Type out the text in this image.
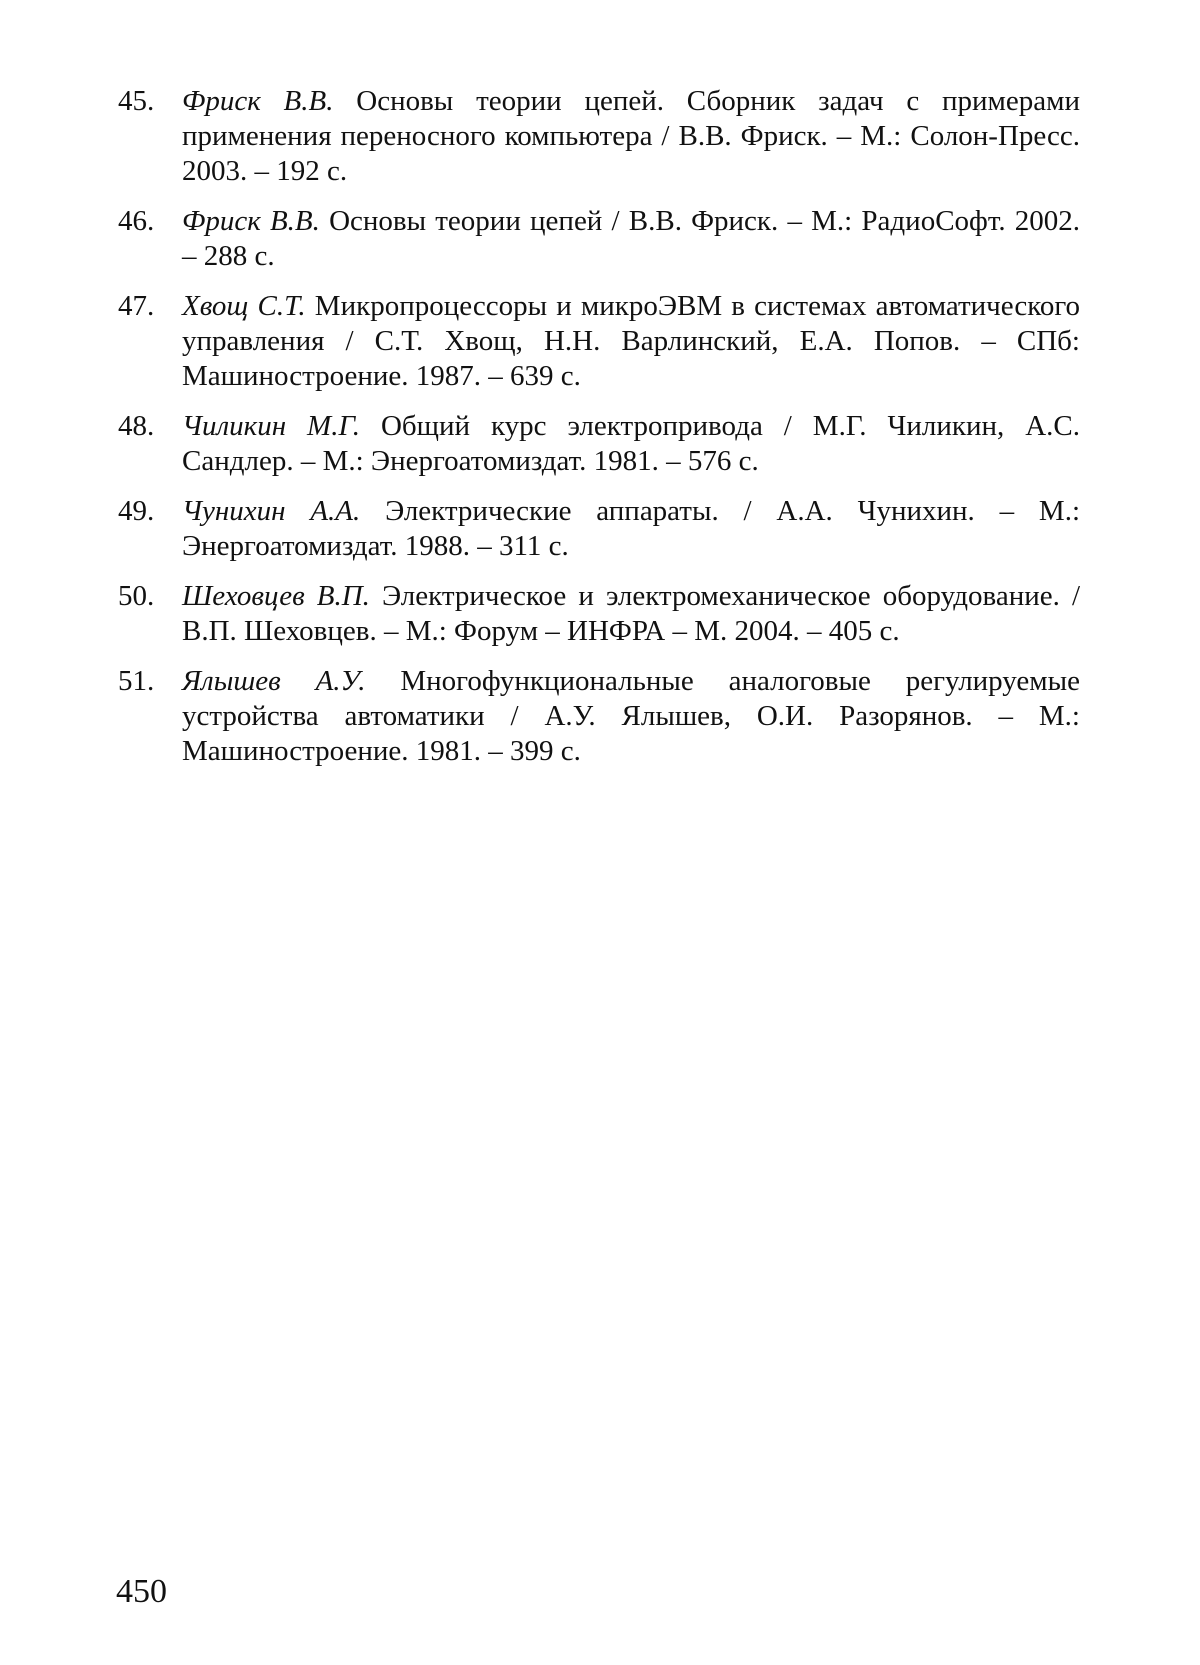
45. Фриск В.В. Основы теории цепей. Сборник задач с примерами применения переносного компьютера / В.В. Фриск. – М.: Солон-Пресс. 2003. – 192 с.
46. Фриск В.В. Основы теории цепей / В.В. Фриск. – М.: РадиоСофт. 2002. – 288 с.
47. Хвощ С.Т. Микропроцессоры и микроЭВМ в системах автоматического управления / С.Т. Хвощ, Н.Н. Варлинский, Е.А. Попов. – СПб: Машиностроение. 1987. – 639 с.
48. Чиликин М.Г. Общий курс электропривода / М.Г. Чиликин, А.С. Сандлер. – М.: Энергоатомиздат. 1981. – 576 с.
49. Чунихин А.А. Электрические аппараты. / А.А. Чунихин. – М.: Энергоатомиздат. 1988. – 311 с.
50. Шеховцев В.П. Электрическое и электромеханическое оборудование. / В.П. Шеховцев. – М.: Форум – ИНФРА – М. 2004. – 405 с.
51. Ялышев А.У. Многофункциональные аналоговые регулируемые устройства автоматики / А.У. Ялышев, О.И. Разорянов. – М.: Машиностроение. 1981. – 399 с.
450
